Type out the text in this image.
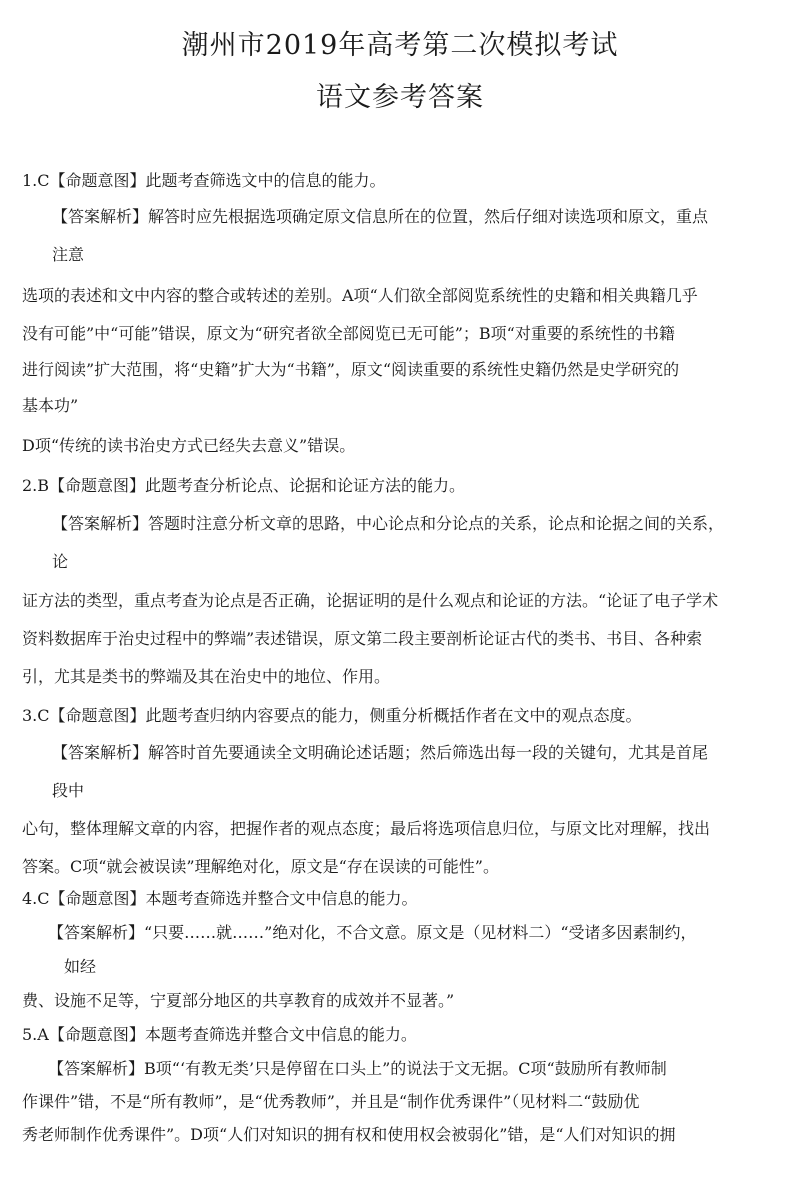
潮州市2019年高考第二次模拟考试
语文参考答案
1.C【命题意图】此题考查筛选文中的信息的能力。
【答案解析】解答时应先根据选项确定原文信息所在的位置，然后仔细对读选项和原文，重点
注意
选项的表述和文中内容的整合或转述的差别。A项“人们欲全部阅览系统性的史籍和相关典籍几乎
没有可能”中“可能”错误，原文为“研究者欲全部阅览已无可能”；B项“对重要的系统性的书籍
进行阅读”扩大范围，将“史籍”扩大为“书籍”，原文“阅读重要的系统性史籍仍然是史学研究的
基本功”
D项“传统的读书治史方式已经失去意义”错误。
2.B【命题意图】此题考查分析论点、论据和论证方法的能力。
【答案解析】答题时注意分析文章的思路，中心论点和分论点的关系，论点和论据之间的关系，
论
证方法的类型，重点考查为论点是否正确，论据证明的是什么观点和论证的方法。“论证了电子学术
资料数据库于治史过程中的弊端”表述错误，原文第二段主要剖析论证古代的类书、书目、各种索
引，尤其是类书的弊端及其在治史中的地位、作用。
3.C【命题意图】此题考查归纳内容要点的能力，侧重分析概括作者在文中的观点态度。
【答案解析】解答时首先要通读全文明确论述话题；然后筛选出每一段的关键句，尤其是首尾
段中
心句，整体理解文章的内容，把握作者的观点态度；最后将选项信息归位，与原文比对理解，找出
答案。C项“就会被误读”理解绝对化，原文是“存在误读的可能性”。
4.C【命题意图】本题考查筛选并整合文中信息的能力。
【答案解析】“只要……就……”绝对化，不合文意。原文是（见材料二）“受诸多因素制约，
如经
费、设施不足等，宁夏部分地区的共享教育的成效并不显著。”
5.A【命题意图】本题考查筛选并整合文中信息的能力。
【答案解析】B项“‘有教无类’只是停留在口头上”的说法于文无据。C项“鼓励所有教师制
作课件”错，不是“所有教师”，是“优秀教师”，并且是“制作优秀课件”（见材料二“鼓励优
秀老师制作优秀课件”。D项“人们对知识的拥有权和使用权会被弱化”错，是“人们对知识的拥
